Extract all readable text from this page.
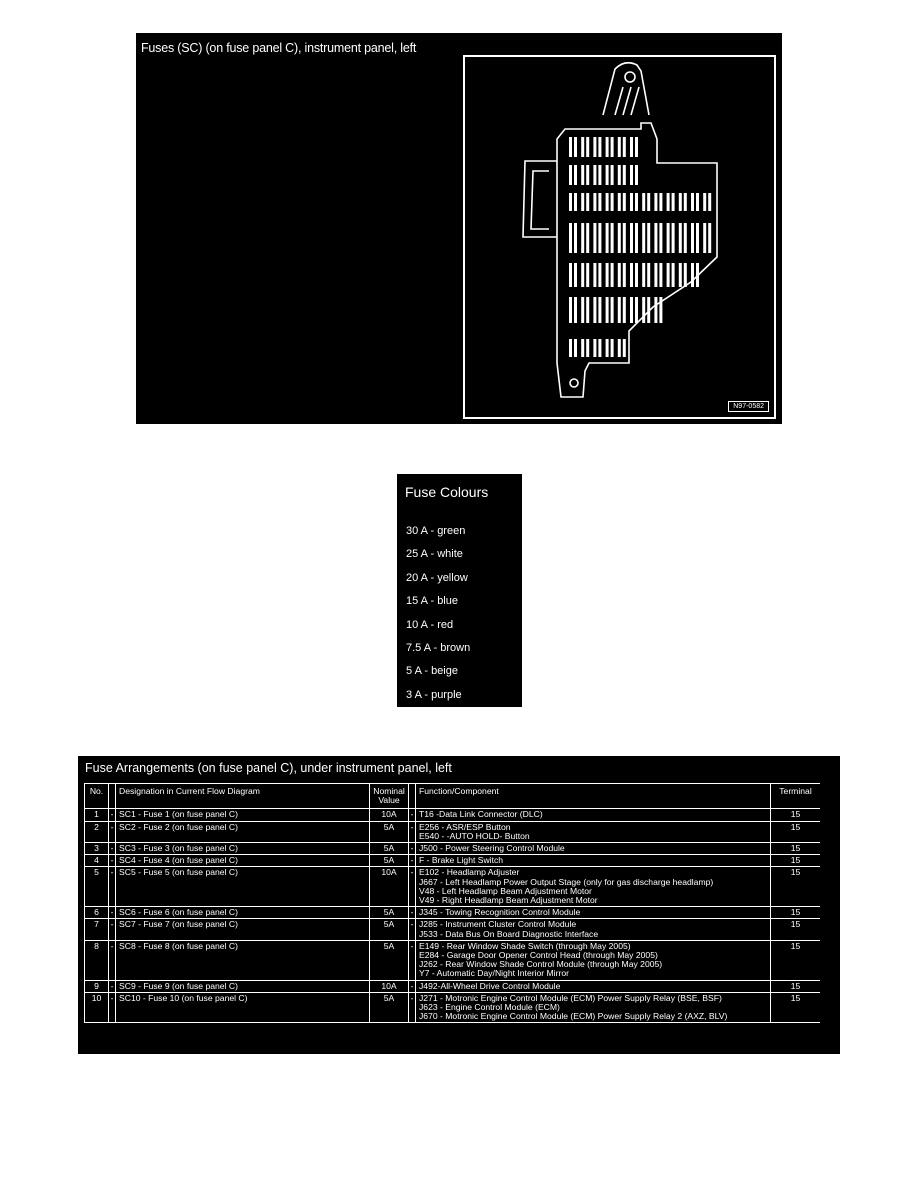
Fuses (SC) (on fuse panel C), instrument panel, left
N97-0582
Fuse Colours
30 A - green
25 A - white
20 A - yellow
15 A - blue
10 A - red
7.5 A - brown
5 A - beige
3 A - purple
Fuse Arrangements (on fuse panel C), under instrument panel, left
No.		Designation in Current Flow Diagram	Nominal Value		Function/Component	Terminal
1	-	SC1 - Fuse 1 (on fuse panel C)	10A	-	T16 -Data Link Connector (DLC)	15
2	-	SC2 - Fuse 2 (on fuse panel C)	5A	-	E256 - ASR/ESP Button
E540 - -AUTO HOLD- Button	15
3	-	SC3 - Fuse 3 (on fuse panel C)	5A	-	J500 - Power Steering Control Module	15
4	-	SC4 - Fuse 4 (on fuse panel C)	5A	-	F - Brake Light Switch	15
5	-	SC5 - Fuse 5 (on fuse panel C)	10A	-	E102 - Headlamp Adjuster
J667 - Left Headlamp Power Output Stage (only for gas discharge headlamp)
V48 - Left Headlamp Beam Adjustment Motor
V49 - Right Headlamp Beam Adjustment Motor	15
6	-	SC6 - Fuse 6 (on fuse panel C)	5A	-	J345 - Towing Recognition Control Module	15
7	-	SC7 - Fuse 7 (on fuse panel C)	5A	-	J285 - Instrument Cluster Control Module
J533 - Data Bus On Board Diagnostic Interface	15
8	-	SC8 - Fuse 8 (on fuse panel C)	5A	-	E149 - Rear Window Shade Switch (through May 2005)
E284 - Garage Door Opener Control Head (through May 2005)
J262 - Rear Window Shade Control Module (through May 2005)
Y7 - Automatic Day/Night Interior Mirror	15
9	-	SC9 - Fuse 9 (on fuse panel C)	10A	-	J492-All-Wheel Drive Control Module	15
10	-	SC10 - Fuse 10 (on fuse panel C)	5A	-	J271 - Motronic Engine Control Module (ECM) Power Supply Relay (BSE, BSF)
J623 - Engine Control Module (ECM)
J670 - Motronic Engine Control Module (ECM) Power Supply Relay 2 (AXZ, BLV)	15
